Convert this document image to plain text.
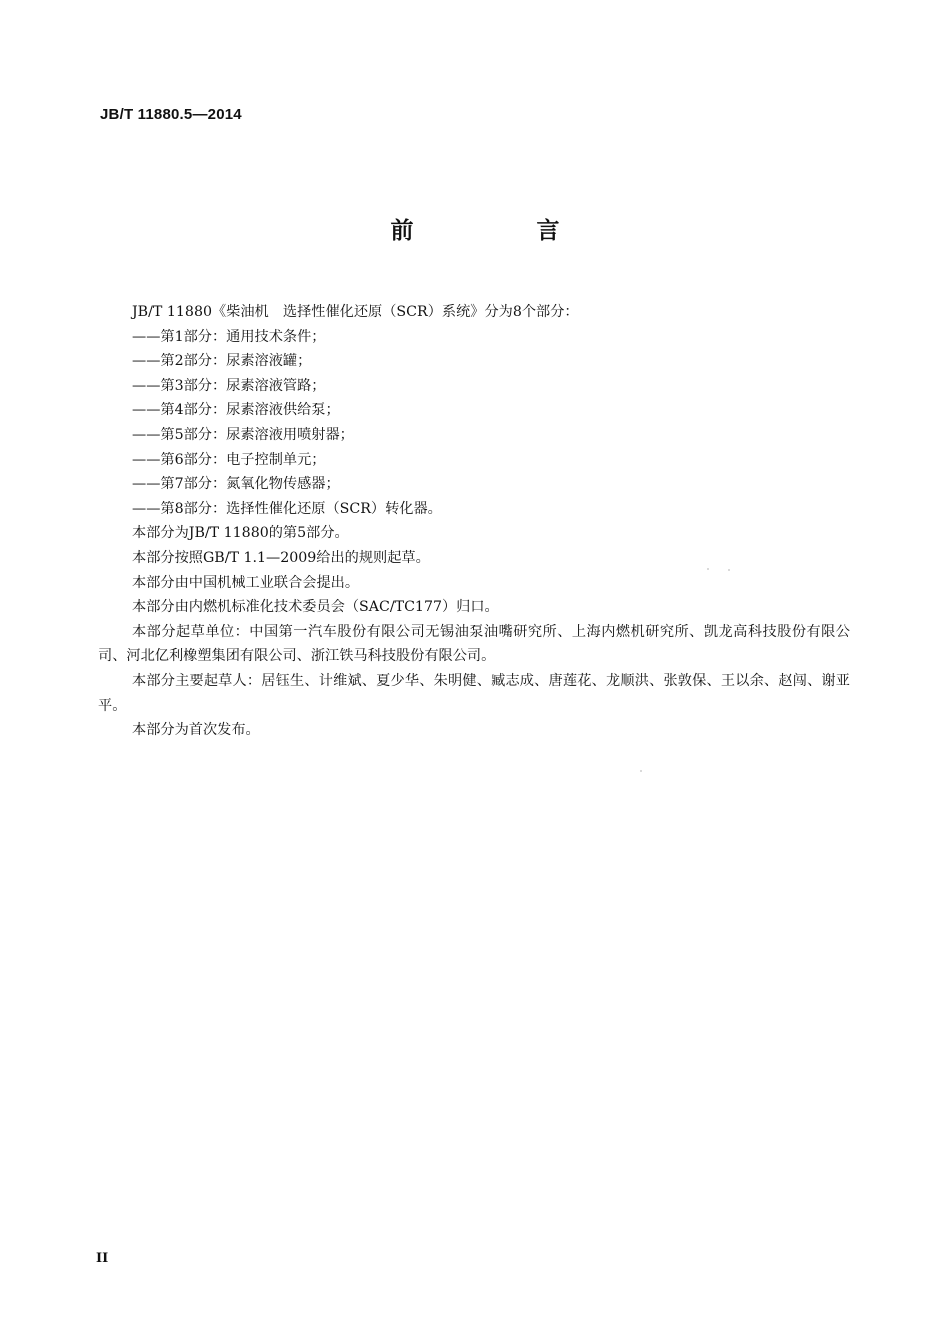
JB/T 11880.5—2014
前　言

JB/T 11880《柴油机　选择性催化还原（SCR）系统》分为8个部分：

——第1部分：通用技术条件；

——第2部分：尿素溶液罐；

——第3部分：尿素溶液管路；

——第4部分：尿素溶液供给泵；

——第5部分：尿素溶液用喷射器；

——第6部分：电子控制单元；

——第7部分：氮氧化物传感器；

——第8部分：选择性催化还原（SCR）转化器。

本部分为JB/T 11880的第5部分。

本部分按照GB/T 1.1—2009给出的规则起草。

本部分由中国机械工业联合会提出。

本部分由内燃机标准化技术委员会（SAC/TC177）归口。

本部分起草单位：中国第一汽车股份有限公司无锡油泵油嘴研究所、上海内燃机研究所、凯龙高科技股份有限公司、河北亿利橡塑集团有限公司、浙江铁马科技股份有限公司。

本部分主要起草人：居钰生、计维斌、夏少华、朱明健、臧志成、唐莲花、龙顺洪、张敦保、王以余、赵闯、谢亚平。

本部分为首次发布。

II
